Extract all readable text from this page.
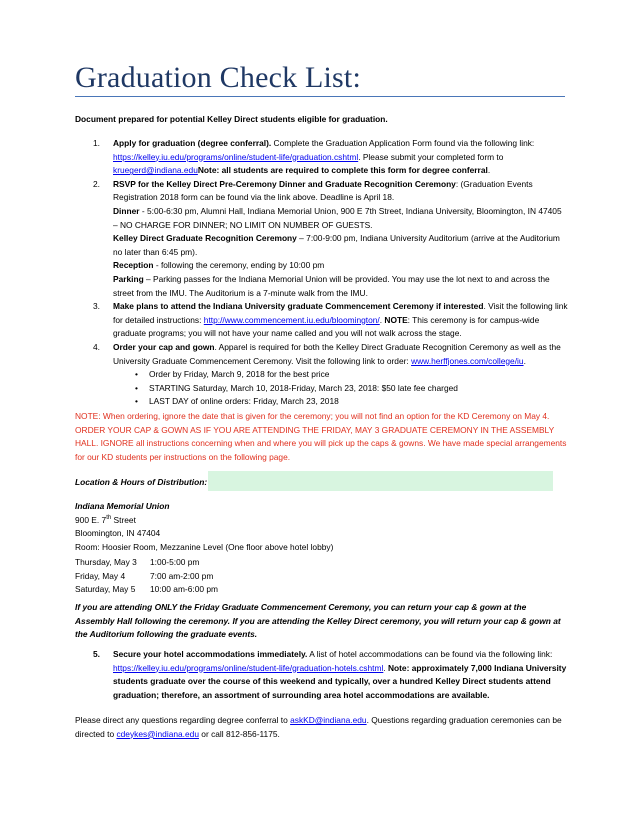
Graduation Check List:
Document prepared for potential Kelley Direct students eligible for graduation.
1. Apply for graduation (degree conferral). Complete the Graduation Application Form found via the following link: https://kelley.iu.edu/programs/online/student-life/graduation.cshtml. Please submit your completed form to kruegerd@indiana.eduNote: all students are required to complete this form for degree conferral.
2. RSVP for the Kelley Direct Pre-Ceremony Dinner and Graduate Recognition Ceremony: (Graduation Events Registration 2018 form can be found via the link above. Deadline is April 18.
Dinner - 5:00-6:30 pm, Alumni Hall, Indiana Memorial Union, 900 E 7th Street, Indiana University, Bloomington, IN 47405 – NO CHARGE FOR DINNER; NO LIMIT ON NUMBER OF GUESTS.
Kelley Direct Graduate Recognition Ceremony – 7:00-9:00 pm, Indiana University Auditorium (arrive at the Auditorium no later than 6:45 pm).
Reception - following the ceremony, ending by 10:00 pm
Parking – Parking passes for the Indiana Memorial Union will be provided. You may use the lot next to and across the street from the IMU. The Auditorium is a 7-minute walk from the IMU.
3. Make plans to attend the Indiana University graduate Commencement Ceremony if interested. Visit the following link for detailed instructions: http://www.commencement.iu.edu/bloomington/. NOTE: This ceremony is for campus-wide graduate programs; you will not have your name called and you will not walk across the stage.
4. Order your cap and gown. Apparel is required for both the Kelley Direct Graduate Recognition Ceremony as well as the University Graduate Commencement Ceremony. Visit the following link to order: www.herffjones.com/college/iu.
• Order by Friday, March 9, 2018 for the best price
• STARTING Saturday, March 10, 2018-Friday, March 23, 2018: $50 late fee charged
• LAST DAY of online orders: Friday, March 23, 2018
NOTE: When ordering, ignore the date that is given for the ceremony; you will not find an option for the KD Ceremony on May 4. ORDER YOUR CAP & GOWN AS IF YOU ARE ATTENDING THE FRIDAY, MAY 3 GRADUATE CEREMONY IN THE ASSEMBLY HALL. IGNORE all instructions concerning when and where you will pick up the caps & gowns. We have made special arrangements for our KD students per instructions on the following page.
Location & Hours of Distribution:
Indiana Memorial Union
900 E. 7th Street
Bloomington, IN 47404
Room: Hoosier Room, Mezzanine Level (One floor above hotel lobby)
Thursday, May 3 1:00-5:00 pm
Friday, May 4	7:00 am-2:00 pm
Saturday, May 5 10:00 am-6:00 pm
If you are attending ONLY the Friday Graduate Commencement Ceremony, you can return your cap & gown at the Assembly Hall following the ceremony. If you are attending the Kelley Direct ceremony, you will return your cap & gown at the Auditorium following the graduate events.
5. Secure your hotel accommodations immediately. A list of hotel accommodations can be found via the following link: https://kelley.iu.edu/programs/online/student-life/graduation-hotels.cshtml. Note: approximately 7,000 Indiana University students graduate over the course of this weekend and typically, over a hundred Kelley Direct students attend graduation; therefore, an assortment of surrounding area hotel accommodations are available.
Please direct any questions regarding degree conferral to askKD@indiana.edu. Questions regarding graduation ceremonies can be directed to cdeykes@indiana.edu or call 812-856-1175.
